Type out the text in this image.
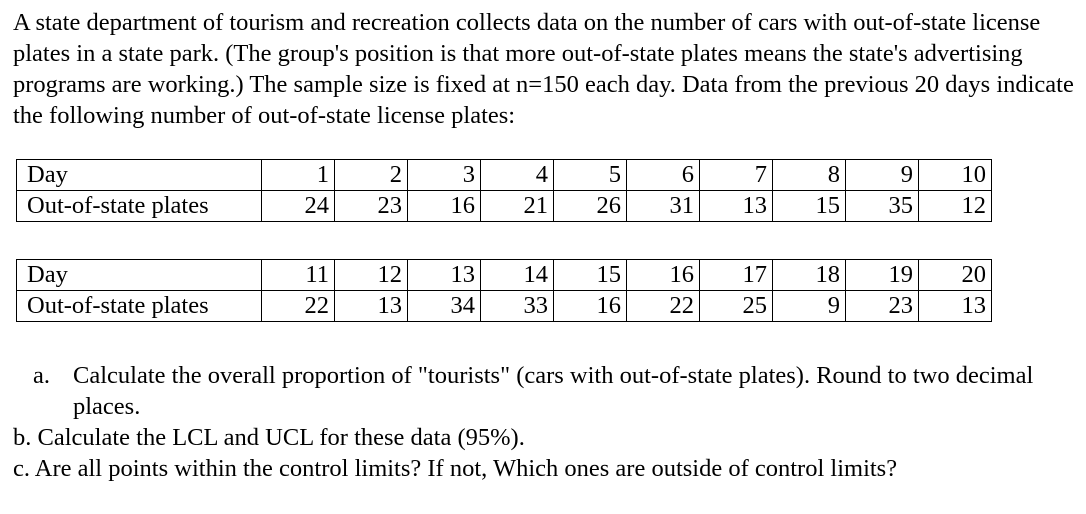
A state department of tourism and recreation collects data on the number of cars with out-of-state license plates in a state park. (The group's position is that more out-of-state plates means the state's advertising programs are working.) The sample size is fixed at n=150 each day. Data from the previous 20 days indicate the following number of out-of-state license plates:

Day	1	2	3	4	5	6	7	8	9	10
Out-of-state plates	24	23	16	21	26	31	13	15	35	12
Day	11	12	13	14	15	16	17	18	19	20
Out-of-state plates	22	13	34	33	16	22	25	9	23	13
a. Calculate the overall proportion of "tourists" (cars with out-of-state plates). Round to two decimal places.

b. Calculate the LCL and UCL for these data (95%).

c. Are all points within the control limits? If not, Which ones are outside of control limits?
